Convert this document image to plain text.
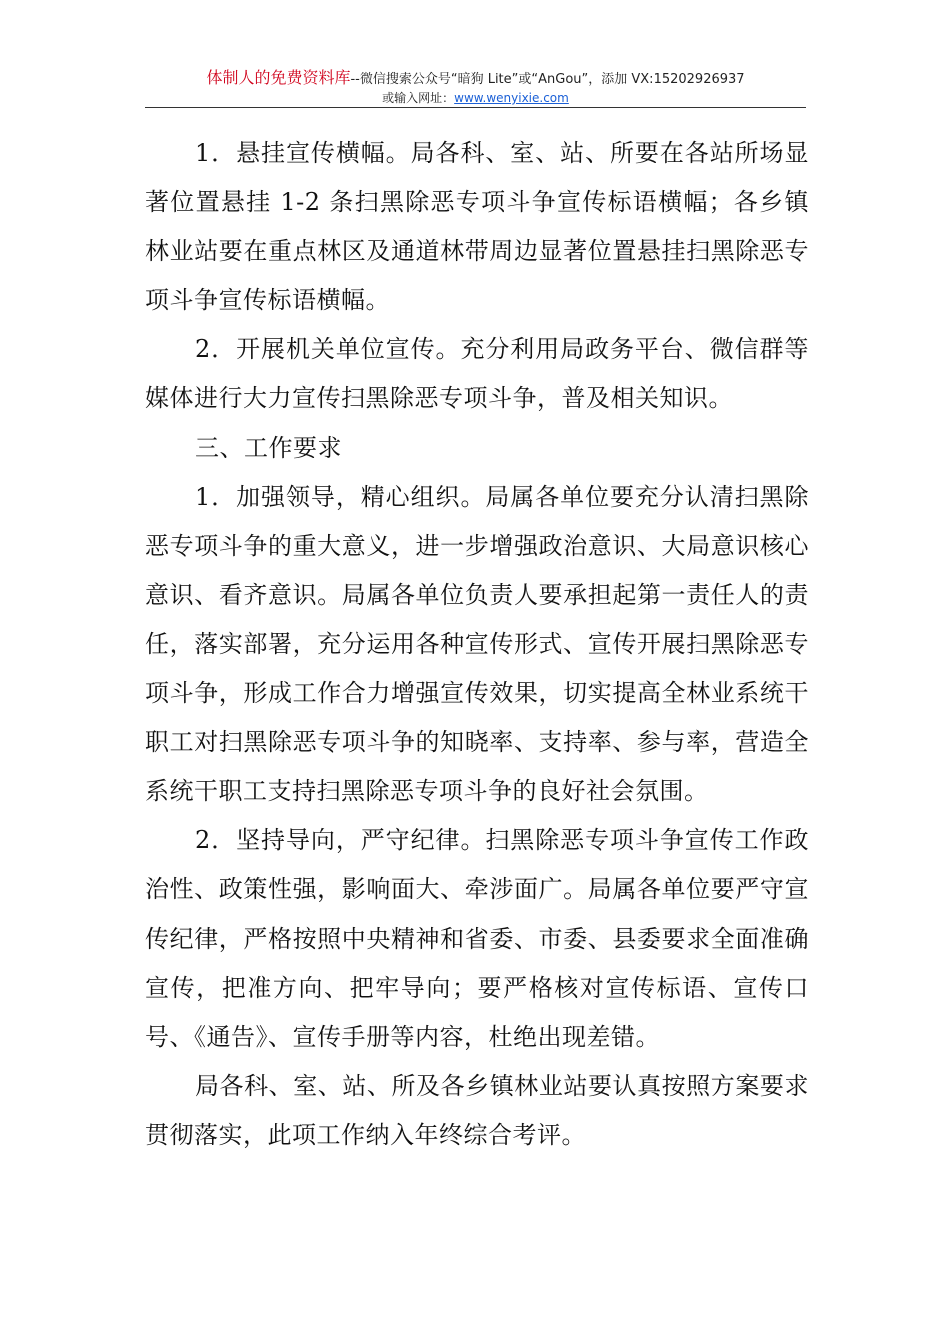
体制人的免费资料库--微信搜索公众号“暗狗 Lite”或“AnGou”，添加 VX:15202926937
或输入网址：www.wenyixie.com

1．悬挂宣传横幅。局各科、室、站、所要在各站所场显著位置悬挂 1-2 条扫黑除恶专项斗争宣传标语横幅；各乡镇林业站要在重点林区及通道林带周边显著位置悬挂扫黑除恶专项斗争宣传标语横幅。

2．开展机关单位宣传。充分利用局政务平台、微信群等媒体进行大力宣传扫黑除恶专项斗争，普及相关知识。

三、工作要求

1．加强领导，精心组织。局属各单位要充分认清扫黑除恶专项斗争的重大意义，进一步增强政治意识、大局意识核心意识、看齐意识。局属各单位负责人要承担起第一责任人的责任，落实部署，充分运用各种宣传形式、宣传开展扫黑除恶专项斗争，形成工作合力增强宣传效果，切实提高全林业系统干职工对扫黑除恶专项斗争的知晓率、支持率、参与率，营造全系统干职工支持扫黑除恶专项斗争的良好社会氛围。

2．坚持导向，严守纪律。扫黑除恶专项斗争宣传工作政治性、政策性强，影响面大、牵涉面广。局属各单位要严守宣传纪律，严格按照中央精神和省委、市委、县委要求全面准确宣传，把准方向、把牢导向；要严格核对宣传标语、宣传口号、《通告》、宣传手册等内容，杜绝出现差错。

局各科、室、站、所及各乡镇林业站要认真按照方案要求贯彻落实，此项工作纳入年终综合考评。
